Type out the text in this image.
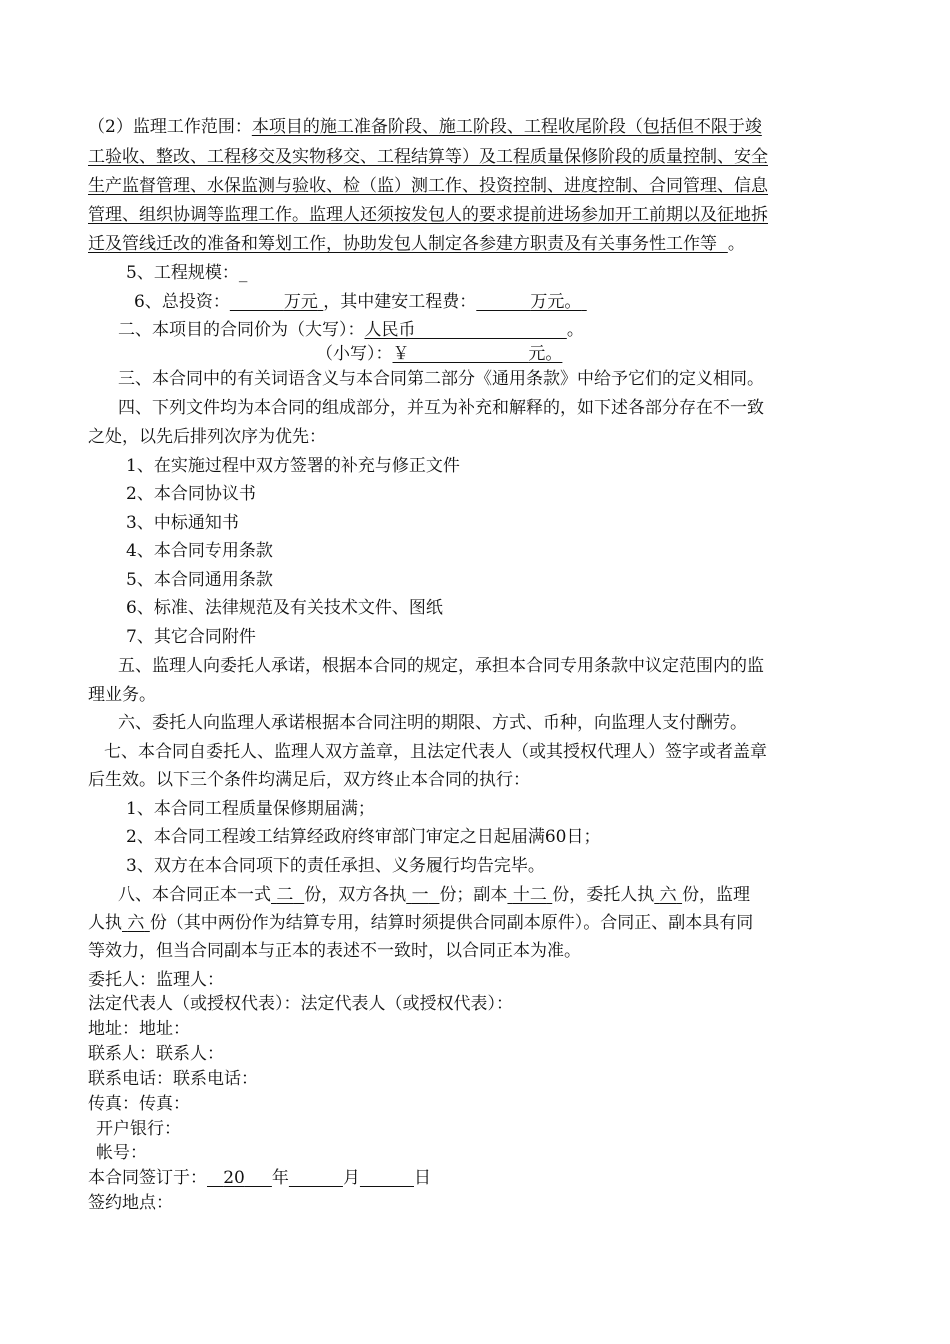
（2）监理工作范围：本项目的施工准备阶段、施工阶段、工程收尾阶段（包括但不限于竣
工验收、整改、工程移交及实物移交、工程结算等）及工程质量保修阶段的质量控制、安全
生产监督管理、水保监测与验收、检（监）测工作、投资控制、进度控制、合同管理、信息
管理、组织协调等监理工作。监理人还须按发包人的要求提前进场参加开工前期以及征地拆
迁及管线迁改的准备和筹划工作，协助发包人制定各参建方职责及有关事务性工作等 。
5、工程规模：_
6、总投资：	万元 ，其中建安工程费：	万元。
二、本项目的合同价为（大写）：人民币	。
（小写）：￥	元。
三、本合同中的有关词语含义与本合同第二部分《通用条款》中给予它们的定义相同。
四、下列文件均为本合同的组成部分，并互为补充和解释的，如下述各部分存在不一致
之处，以先后排列次序为优先：
1、在实施过程中双方签署的补充与修正文件
2、本合同协议书
3、中标通知书
4、本合同专用条款
5、本合同通用条款
6、标准、法律规范及有关技术文件、图纸
7、其它合同附件
五、监理人向委托人承诺，根据本合同的规定，承担本合同专用条款中议定范围内的监
理业务。
六、委托人向监理人承诺根据本合同注明的期限、方式、币种，向监理人支付酬劳。
七、本合同自委托人、监理人双方盖章，且法定代表人（或其授权代理人）签字或者盖章
后生效。以下三个条件均满足后，双方终止本合同的执行：
1、本合同工程质量保修期届满；
2、本合同工程竣工结算经政府终审部门审定之日起届满60日；
3、双方在本合同项下的责任承担、义务履行均告完毕。
八、本合同正本一式 二 份，双方各执 一 份；副本 十二 份，委托人执 六 份，监理
人执 六 份（其中两份作为结算专用，结算时须提供合同副本原件）。合同正、副本具有同
等效力，但当合同副本与正本的表述不一致时，以合同正本为准。
委托人：监理人：
法定代表人（或授权代表）：法定代表人（或授权代表）：
地址：地址：
联系人：联系人：
联系电话：联系电话：
传真：传真：
开户银行：
帐号：
本合同签订于： 20 年	月	日
签约地点：
